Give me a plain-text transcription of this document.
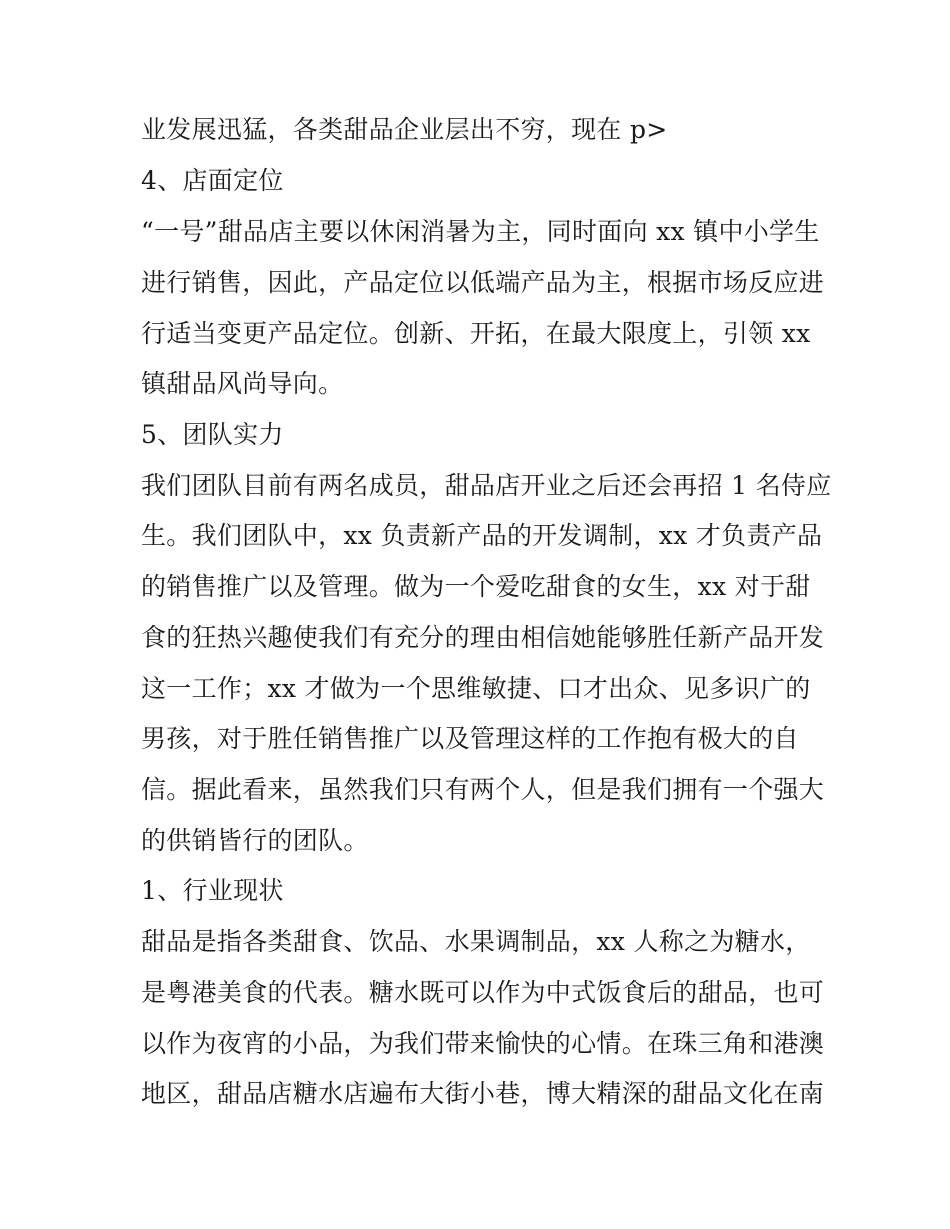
业发展迅猛，各类甜品企业层出不穷，现在 p>
4、店面定位
“一号”甜品店主要以休闲消暑为主，同时面向 xx 镇中小学生
进行销售，因此，产品定位以低端产品为主，根据市场反应进
行适当变更产品定位。创新、开拓，在最大限度上，引领 xx
镇甜品风尚导向。
5、团队实力
我们团队目前有两名成员，甜品店开业之后还会再招 1 名侍应
生。我们团队中，xx 负责新产品的开发调制，xx 才负责产品
的销售推广以及管理。做为一个爱吃甜食的女生，xx 对于甜
食的狂热兴趣使我们有充分的理由相信她能够胜任新产品开发
这一工作；xx 才做为一个思维敏捷、口才出众、见多识广的
男孩，对于胜任销售推广以及管理这样的工作抱有极大的自
信。据此看来，虽然我们只有两个人，但是我们拥有一个强大
的供销皆行的团队。
1、行业现状
甜品是指各类甜食、饮品、水果调制品，xx 人称之为糖水，
是粤港美食的代表。糖水既可以作为中式饭食后的甜品，也可
以作为夜宵的小品，为我们带来愉快的心情。在珠三角和港澳
地区，甜品店糖水店遍布大街小巷，博大精深的甜品文化在南
